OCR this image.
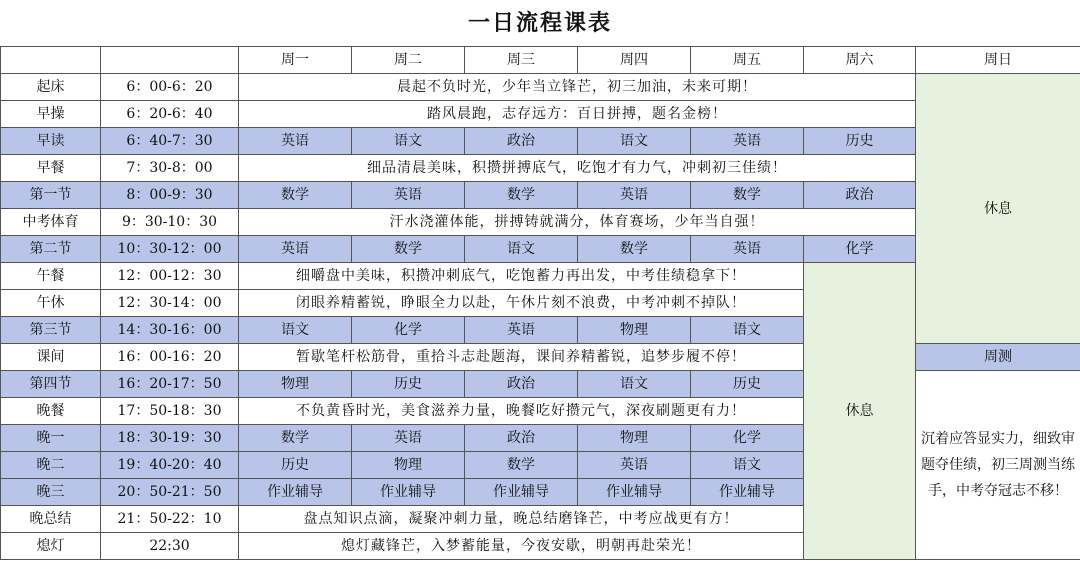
一日流程课表
		周一	周二	周三	周四	周五	周六	周日
起床	6：00-6：20	晨起不负时光，少年当立锋芒，初三加油，未来可期！						休息
早操	6：20-6：40	踏风晨跑，志存远方：百日拼搏，题名金榜！						
早读	6：40-7：30	英语	语文	政治	语文	英语	历史	
早餐	7：30-8：00	细品清晨美味，积攒拼搏底气，吃饱才有力气，冲刺初三佳绩！						
第一节	8：00-9：30	数学	英语	数学	英语	数学	政治	
中考体育	9：30-10：30	汗水浇灌体能，拼搏铸就满分，体育赛场，少年当自强！						
第二节	10：30-12：00	英语	数学	语文	数学	英语	化学	
午餐	12：00-12：30	细嚼盘中美味，积攒冲刺底气，吃饱蓄力再出发，中考佳绩稳拿下！					休息	
午休	12：30-14：00	闭眼养精蓄锐，睁眼全力以赴，午休片刻不浪费，中考冲刺不掉队！						
第三节	14：30-16：00	语文	化学	英语	物理	语文		
课间	16：00-16：20	暂歇笔杆松筋骨，重拾斗志赴题海，课间养精蓄锐，追梦步履不停！						周测
第四节	16：20-17：50	物理	历史	政治	语文	历史		沉着应答显实力，细致审题夺佳绩，初三周测当练手，中考夺冠志不移！
晚餐	17：50-18：30	不负黄昏时光，美食滋养力量，晚餐吃好攒元气，深夜刷题更有力！						
晚一	18：30-19：30	数学	英语	政治	物理	化学		
晚二	19：40-20：40	历史	物理	数学	英语	语文		
晚三	20：50-21：50	作业辅导	作业辅导	作业辅导	作业辅导	作业辅导		
晚总结	21：50-22：10	盘点知识点滴，凝聚冲刺力量，晚总结磨锋芒，中考应战更有方！						
熄灯	22:30	熄灯藏锋芒，入梦蓄能量，今夜安歇，明朝再赴荣光！						
